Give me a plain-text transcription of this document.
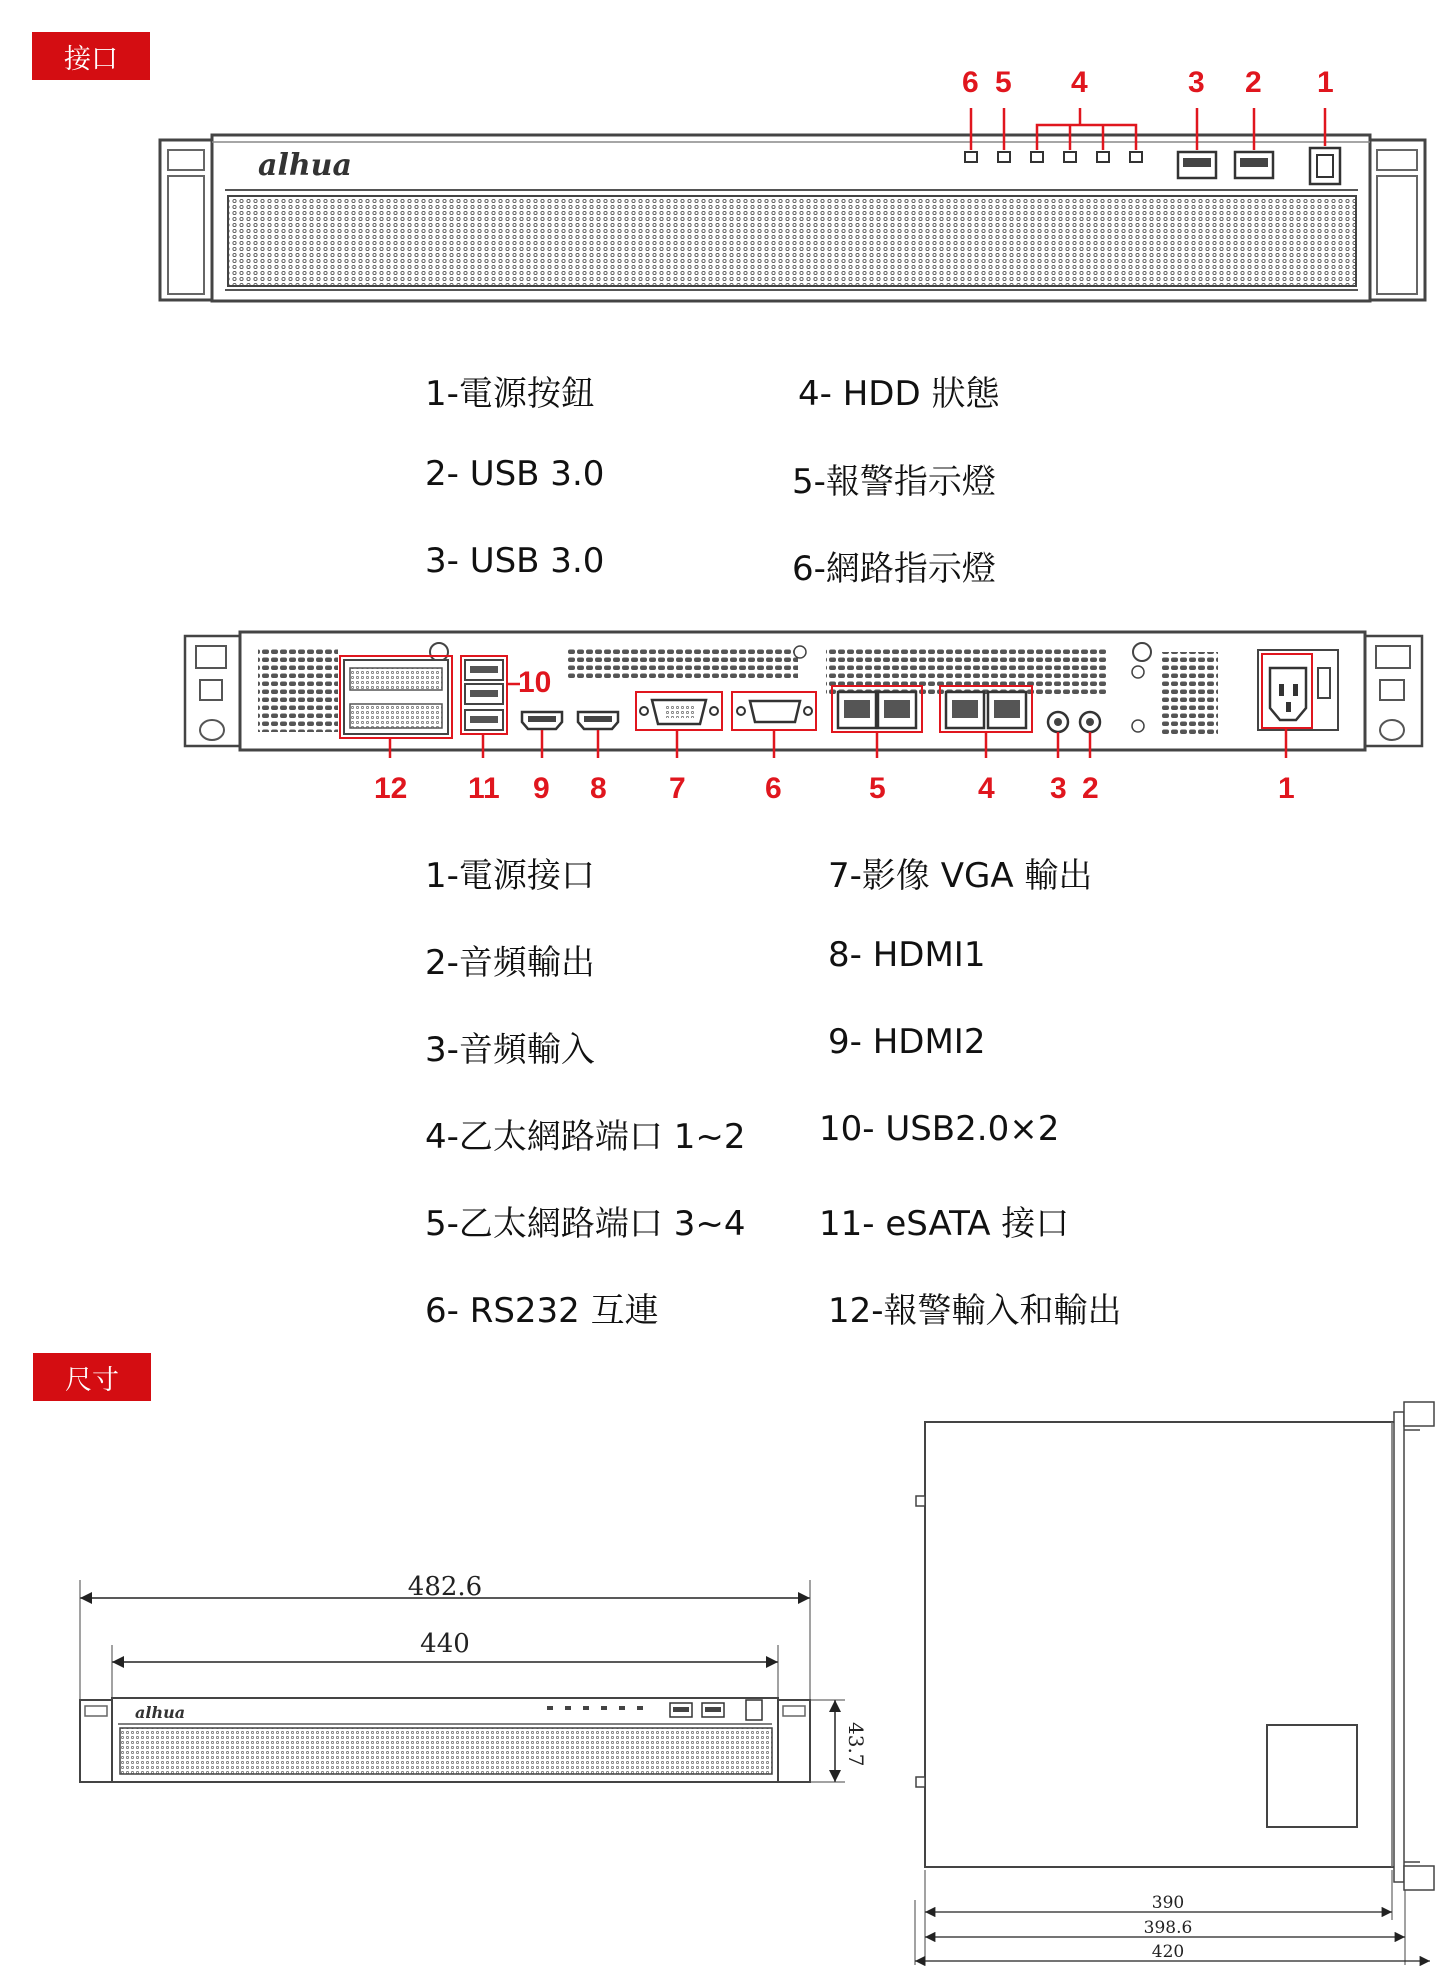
接口
尺寸
alhua
482.6
440
43.7
alhua
390
398.6
420
6 5 4	3 2 1
1-電源按鈕
2- USB 3.0
3- USB 3.0
4- HDD 狀態
5-報警指示燈
6-網路指示燈
12 11
10
9 8 7	6	5	4 3 2	1
1-電源接口
2-音頻輸出
3-音頻輸入
4-乙太網路端口 1~2
5-乙太網路端口 3~4
6- RS232 互連
7-影像 VGA 輸出
8- HDMI1
9- HDMI2
10- USB2.0×2
11- eSATA 接口
12-報警輸入和輸出
